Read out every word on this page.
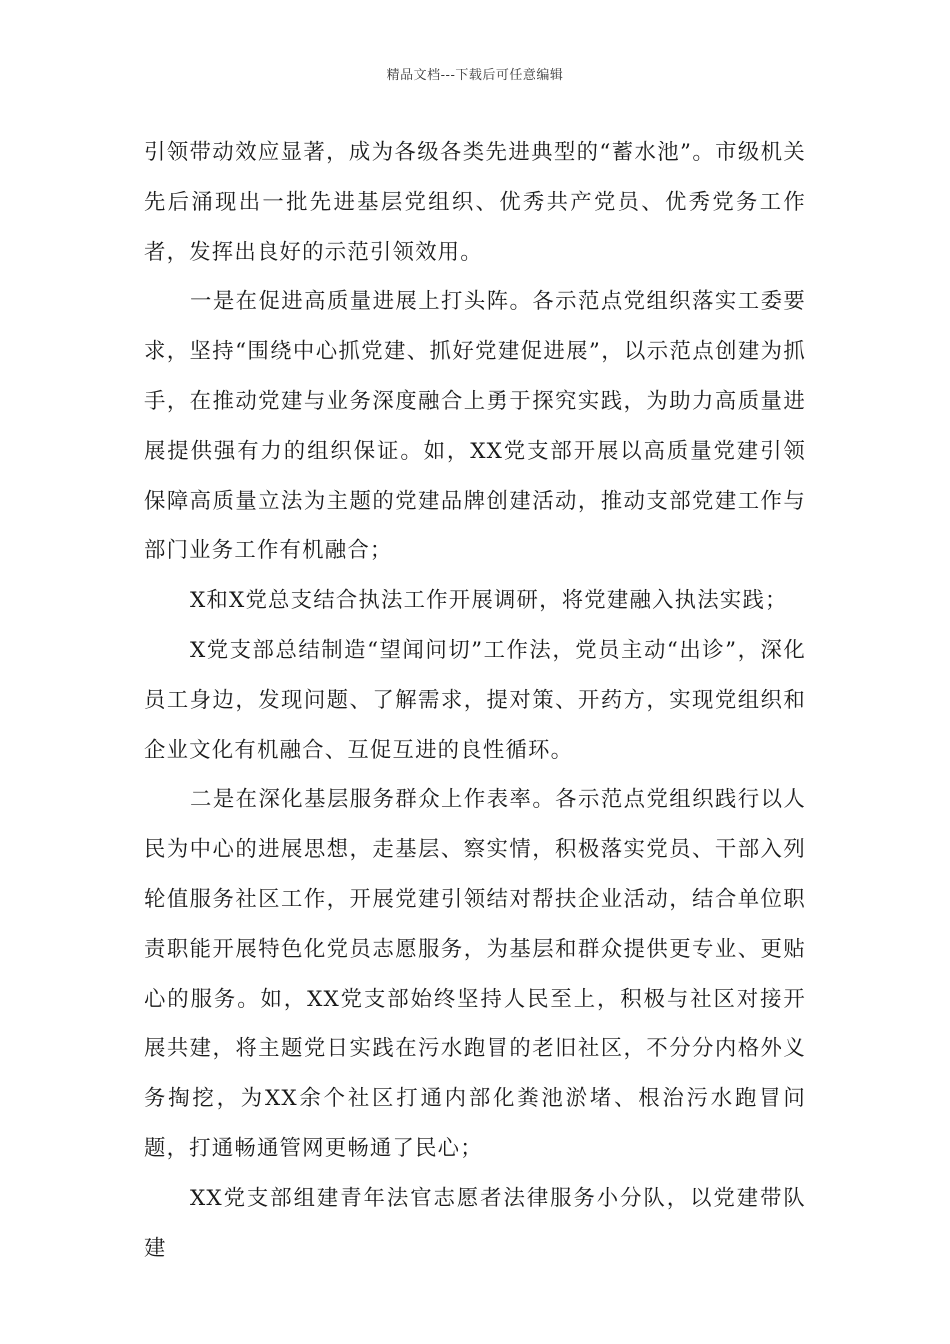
精品文档---下载后可任意编辑

引领带动效应显著，成为各级各类先进典型的“蓄水池”。市级机关先后涌现出一批先进基层党组织、优秀共产党员、优秀党务工作者，发挥出良好的示范引领效用。

一是在促进高质量进展上打头阵。各示范点党组织落实工委要求，坚持“围绕中心抓党建、抓好党建促进展”，以示范点创建为抓手，在推动党建与业务深度融合上勇于探究实践，为助力高质量进展提供强有力的组织保证。如，XX党支部开展以高质量党建引领保障高质量立法为主题的党建品牌创建活动，推动支部党建工作与部门业务工作有机融合；

X和X党总支结合执法工作开展调研，将党建融入执法实践；

X党支部总结制造“望闻问切”工作法，党员主动“出诊”，深化员工身边，发现问题、了解需求，提对策、开药方，实现党组织和企业文化有机融合、互促互进的良性循环。

二是在深化基层服务群众上作表率。各示范点党组织践行以人民为中心的进展思想，走基层、察实情，积极落实党员、干部入列轮值服务社区工作，开展党建引领结对帮扶企业活动，结合单位职责职能开展特色化党员志愿服务，为基层和群众提供更专业、更贴心的服务。如，XX党支部始终坚持人民至上，积极与社区对接开展共建，将主题党日实践在污水跑冒的老旧社区，不分分内格外义务掏挖，为XX余个社区打通内部化粪池淤堵、根治污水跑冒问题，打通畅通管网更畅通了民心；

XX党支部组建青年法官志愿者法律服务小分队，以党建带队建
